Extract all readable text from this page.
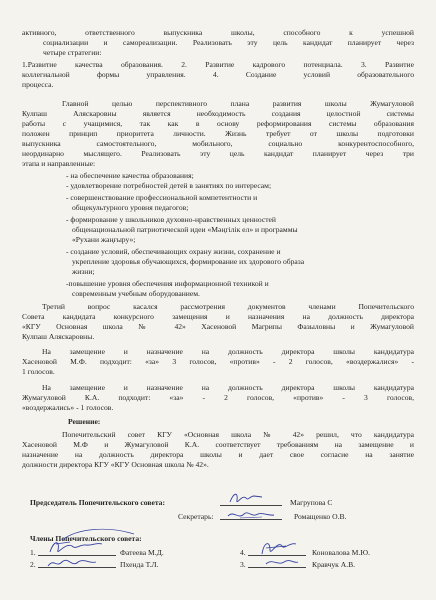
активного, ответственного выпускника школы, способного к успешной
социализации и самореализации. Реализовать эту цель кандидат планирует через
четыре стратегии:
1.Развитие качества образования. 2. Развитие кадрового потенциала. 3. Развитие
коллегиальной формы управления. 4. Создание условий образовательного
процесса.
Главной целью перспективного плана развития школы Жумагуловой
Кулпаш Аляскаровны является необходимость создания целостной системы
работы с учащимися, так как в основу реформирования системы образования
положен принцип приоритета личности. Жизнь требует от школы подготовки
выпускника самостоятельного, мобильного, социально конкурентоспособного,
неординарно мыслящего. Реализовать эту цель кандидат планирует через три
этапа и направленные:
- на обеспечение качества образования;
- удовлетворение потребностей детей в занятиях по интересам;
- совершенствование профессиональной компетентности и
общекультурного уровня педагогов;
- формирование у школьников духовно-нравственных ценностей
общенациональной патриотической идеи «Мәңгілік ел» и программы
«Рухани жаңғыру»;
- создание условий, обеспечивающих охрану жизни, сохранение и
укрепление здоровья обучающихся, формирование их здорового образа
жизни;
-повышение уровня обеспечения информационной техникой и
современным учебным оборудованием.
Третий вопрос касался рассмотрения документов членами Попечительского
Совета кандидата конкурсного замещения и назначения на должность директора
«КГУ Основная школа № 42» Хасеновой Магрипы Фазыловны и Жумагуловой
Кулпаш Аляскаровны.
На замещение и назначение на должность директора школы кандидатура
Хасеновой М.Ф. подходит: «за» 3 голосов, «против» - 2 голосов, «воздержалися» -
1 голосов.
На замещение и назначение на должность директора школы кандидатура
Жумагуловой К.А. подходит: «за» - 2 голосов, «против» - 3 голосов,
«воздержались» - 1 голосов.
Решение:
Попечительский совет КГУ «Основная школа № 42» решил, что кандидатура
Хасеновой М.Ф и Жумагуловой К.А. соответствует требованиям на замещение и
назначение на должность директора школы и дает свое согласие на занятие
должности директора КГУ «КГУ Основная школа № 42».
Председатель Попечительского совета:	Магрупова С
Секретарь:	Ромащенко О.В.
Члены Попечительского совета:
1.	Фатеева М.Д.
2.	Пхенда Т.Л.
4.	Коновалова М.Ю.
3.	Кравчук А.В.
